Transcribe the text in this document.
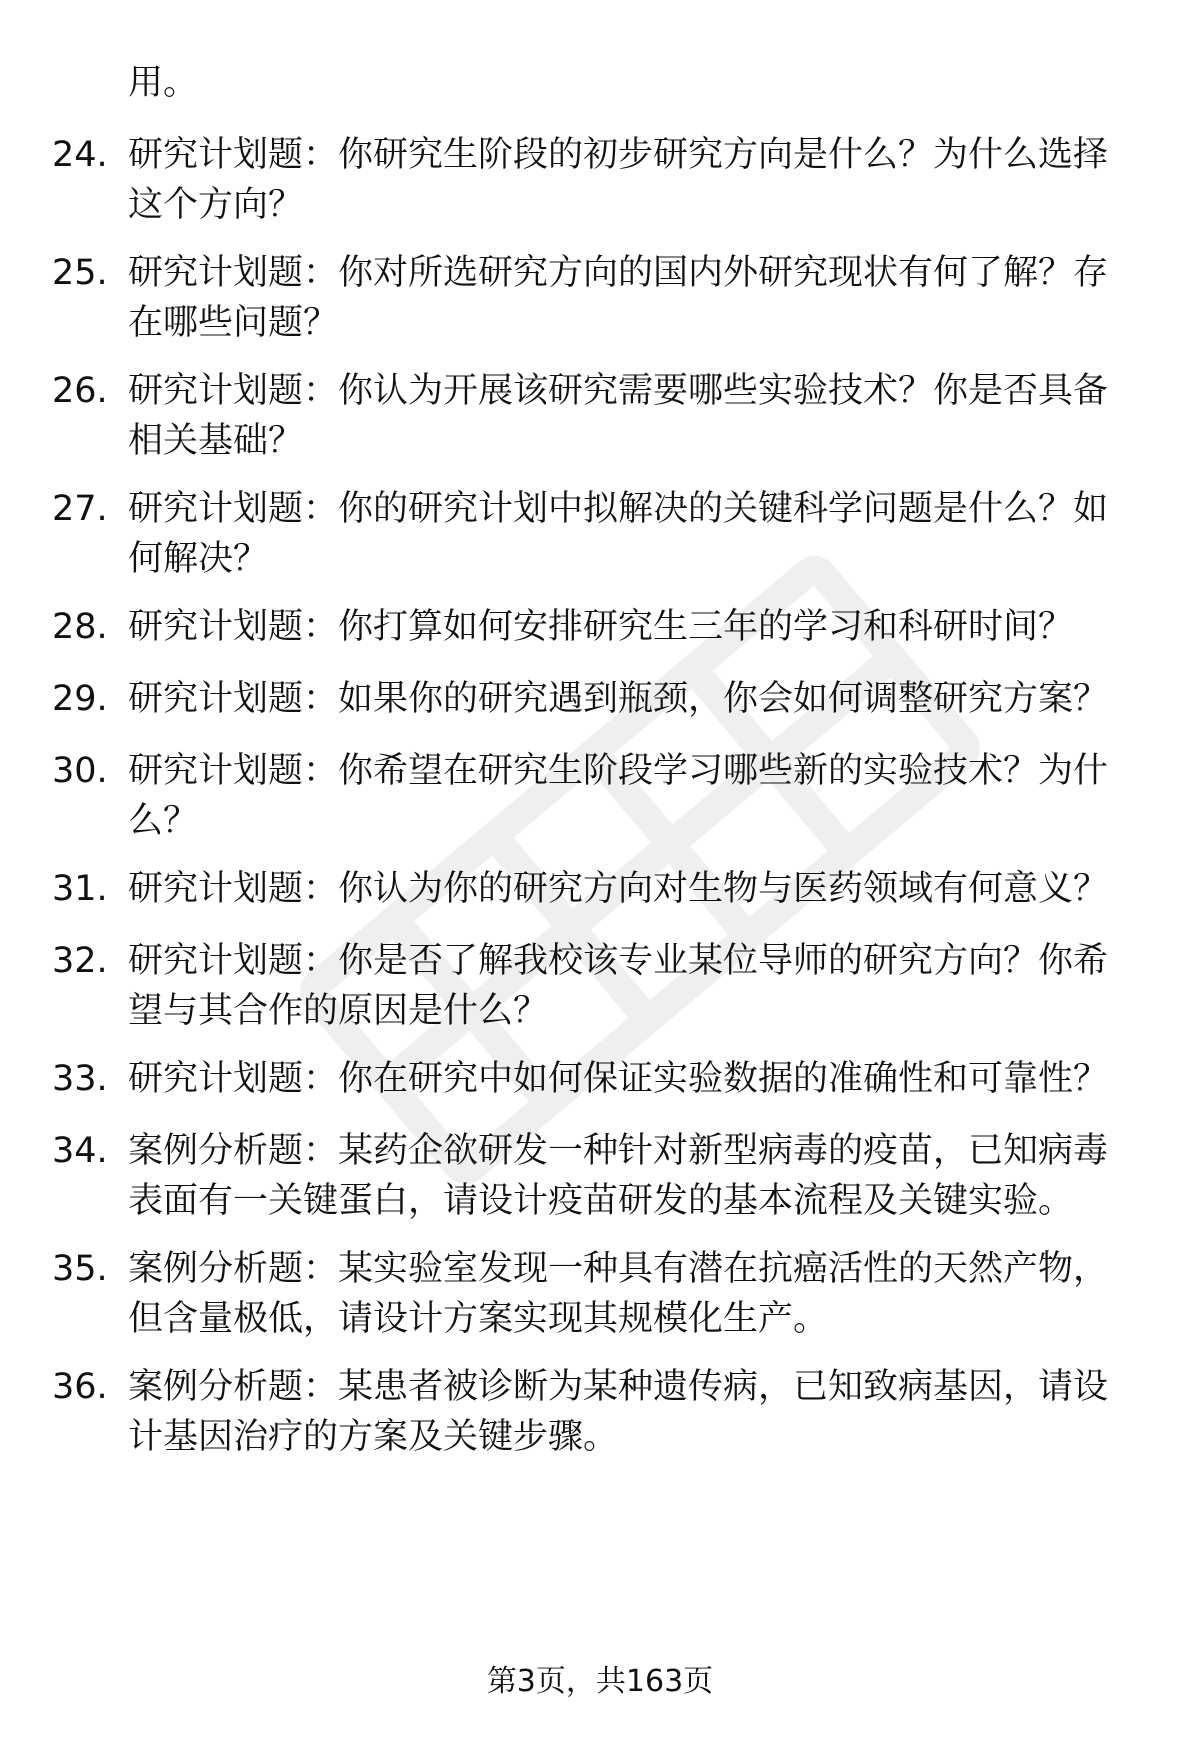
用。

24. 研究计划题：你研究生阶段的初步研究方向是什么？为什么选择这个方向？
25. 研究计划题：你对所选研究方向的国内外研究现状有何了解？存在哪些问题？
26. 研究计划题：你认为开展该研究需要哪些实验技术？你是否具备相关基础？
27. 研究计划题：你的研究计划中拟解决的关键科学问题是什么？如何解决？
28. 研究计划题：你打算如何安排研究生三年的学习和科研时间？
29. 研究计划题：如果你的研究遇到瓶颈，你会如何调整研究方案？
30. 研究计划题：你希望在研究生阶段学习哪些新的实验技术？为什么？
31. 研究计划题：你认为你的研究方向对生物与医药领域有何意义？
32. 研究计划题：你是否了解我校该专业某位导师的研究方向？你希望与其合作的原因是什么？
33. 研究计划题：你在研究中如何保证实验数据的准确性和可靠性？
34. 案例分析题：某药企欲研发一种针对新型病毒的疫苗，已知病毒表面有一关键蛋白，请设计疫苗研发的基本流程及关键实验。
35. 案例分析题：某实验室发现一种具有潜在抗癌活性的天然产物，但含量极低，请设计方案实现其规模化生产。
36. 案例分析题：某患者被诊断为某种遗传病，已知致病基因，请设计基因治疗的方案及关键步骤。
第3页，共163页
